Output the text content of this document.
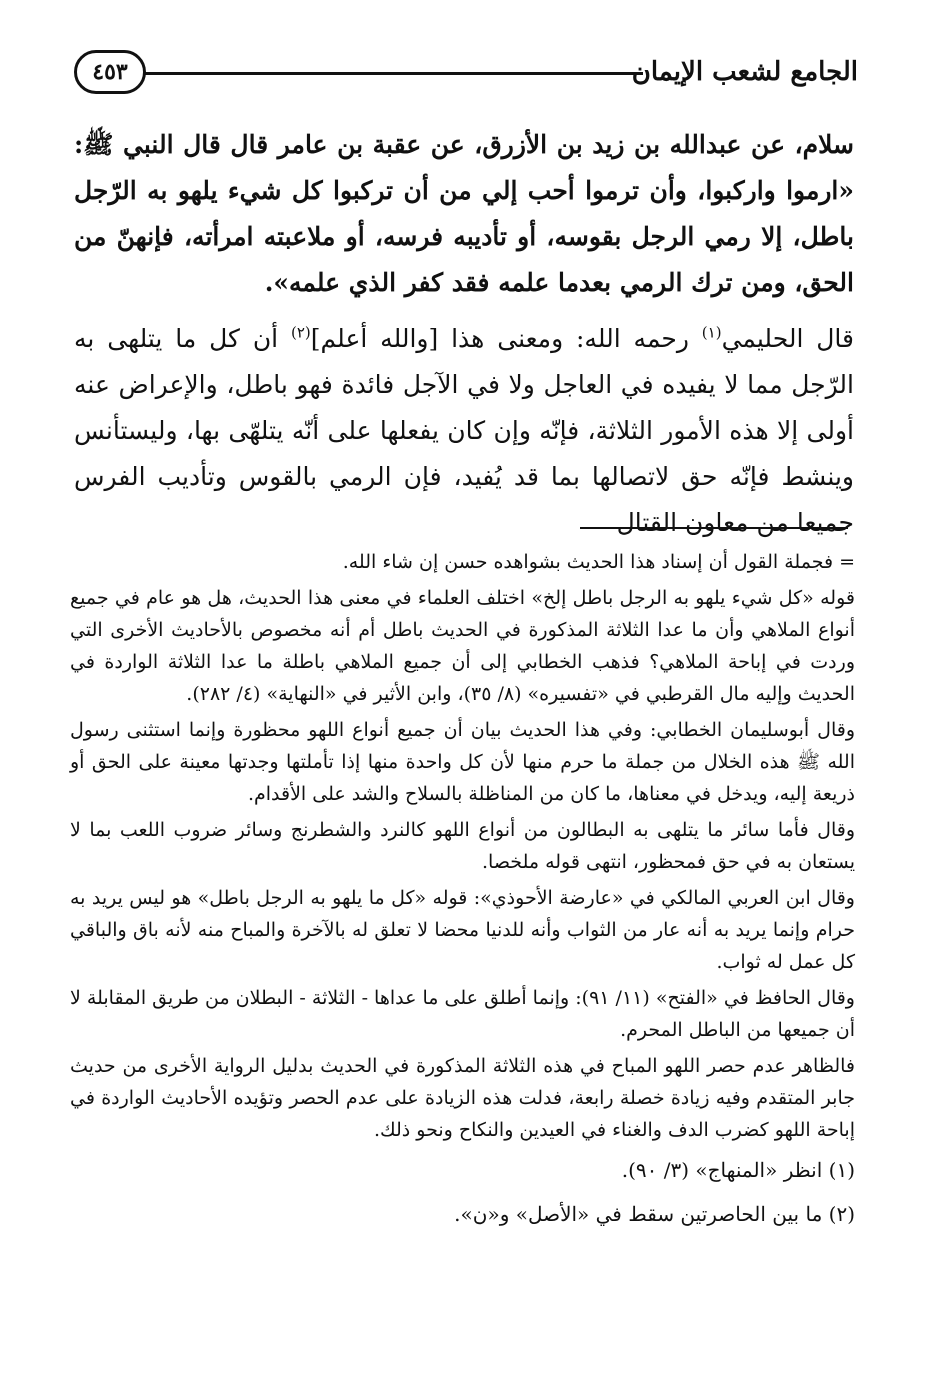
الجامع لشعب الإيمان
٤٥٣

سلام، عن عبدالله بن زيد بن الأزرق، عن عقبة بن عامر قال قال النبي ﷺ: «ارموا واركبوا، وأن ترموا أحب إلي من أن تركبوا كل شيء يلهو به الرّجل باطل، إلا رمي الرجل بقوسه، أو تأديبه فرسه، أو ملاعبته امرأته، فإنهنّ من الحق، ومن ترك الرمي بعدما علمه فقد كفر الذي علمه».

قال الحليمي$^{(١)}$ رحمه الله: ومعنى هذا [والله أعلم]$^{(٢)}$ أن كل ما يتلهى به الرّجل مما لا يفيده في العاجل ولا في الآجل فائدة فهو باطل، والإعراض عنه أولى إلا هذه الأمور الثلاثة، فإنّه وإن كان يفعلها على أنّه يتلهّى بها، وليستأنس وينشط فإنّه حق لاتصالها بما قد يُفيد، فإن الرمي بالقوس وتأديب الفرس جميعا من معاون القتال

= فجملة القول أن إسناد هذا الحديث بشواهده حسن إن شاء الله.

قوله «كل شيء يلهو به الرجل باطل إلخ» اختلف العلماء في معنى هذا الحديث، هل هو عام في جميع أنواع الملاهي وأن ما عدا الثلاثة المذكورة في الحديث باطل أم أنه مخصوص بالأحاديث الأخرى التي وردت في إباحة الملاهي؟ فذهب الخطابي إلى أن جميع الملاهي باطلة ما عدا الثلاثة الواردة في الحديث وإليه مال القرطبي في «تفسيره» (٨/ ٣٥)، وابن الأثير في «النهاية» (٤/ ٢٨٢).

وقال أبوسليمان الخطابي: وفي هذا الحديث بيان أن جميع أنواع اللهو محظورة وإنما استثنى رسول الله ﷺ هذه الخلال من جملة ما حرم منها لأن كل واحدة منها إذا تأملتها وجدتها معينة على الحق أو ذريعة إليه، ويدخل في معناها، ما كان من المناظلة بالسلاح والشد على الأقدام.

وقال فأما سائر ما يتلهى به البطالون من أنواع اللهو كالنرد والشطرنج وسائر ضروب اللعب بما لا يستعان به في حق فمحظور، انتهى قوله ملخصا.

وقال ابن العربي المالكي في «عارضة الأحوذي»: قوله «كل ما يلهو به الرجل باطل» هو ليس يريد به حرام وإنما يريد به أنه عار من الثواب وأنه للدنيا محضا لا تعلق له بالآخرة والمباح منه لأنه باق والباقي كل عمل له ثواب.

وقال الحافظ في «الفتح» (١١/ ٩١): وإنما أطلق على ما عداها - الثلاثة - البطلان من طريق المقابلة لا أن جميعها من الباطل المحرم.

فالظاهر عدم حصر اللهو المباح في هذه الثلاثة المذكورة في الحديث بدليل الرواية الأخرى من حديث جابر المتقدم وفيه زيادة خصلة رابعة، فدلت هذه الزيادة على عدم الحصر وتؤيده الأحاديث الواردة في إباحة اللهو كضرب الدف والغناء في العيدين والنكاح ونحو ذلك.

(١) انظر «المنهاج» (٣/ ٩٠).

(٢) ما بين الحاصرتين سقط في «الأصل» و«ن».
